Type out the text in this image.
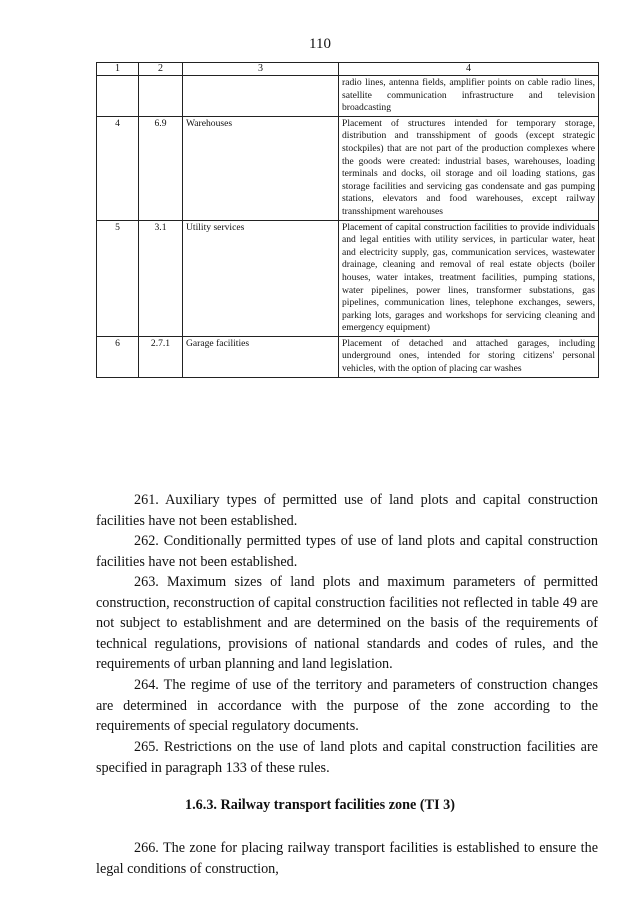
110
1	2	3	4
			radio lines, antenna fields, amplifier points on cable radio lines, satellite communication infrastructure and television broadcasting
4	6.9	Warehouses	Placement of structures intended for temporary storage, distribution and transshipment of goods (except strategic stockpiles) that are not part of the production complexes where the goods were created: industrial bases, warehouses, loading terminals and docks, oil storage and oil loading stations, gas storage facilities and servicing gas condensate and gas pumping stations, elevators and food warehouses, except railway transshipment warehouses
5	3.1	Utility services	Placement of capital construction facilities to provide individuals and legal entities with utility services, in particular water, heat and electricity supply, gas, communication services, wastewater drainage, cleaning and removal of real estate objects (boiler houses, water intakes, treatment facilities, pumping stations, water pipelines, power lines, transformer substations, gas pipelines, communication lines, telephone exchanges, sewers, parking lots, garages and workshops for servicing cleaning and emergency equipment)
6	2.7.1	Garage facilities	Placement of detached and attached garages, including underground ones, intended for storing citizens' personal vehicles, with the option of placing car washes

261. Auxiliary types of permitted use of land plots and capital construction facilities have not been established.

262. Conditionally permitted types of use of land plots and capital construction facilities have not been established.

263. Maximum sizes of land plots and maximum parameters of permitted construction, reconstruction of capital construction facilities not reflected in table 49 are not subject to establishment and are determined on the basis of the requirements of technical regulations, provisions of national standards and codes of rules, and the requirements of urban planning and land legislation.

264. The regime of use of the territory and parameters of construction changes are determined in accordance with the purpose of the zone according to the requirements of special regulatory documents.

265. Restrictions on the use of land plots and capital construction facilities are specified in paragraph 133 of these rules.

1.6.3. Railway transport facilities zone (TI 3)

266. The zone for placing railway transport facilities is established to ensure the legal conditions of construction,
